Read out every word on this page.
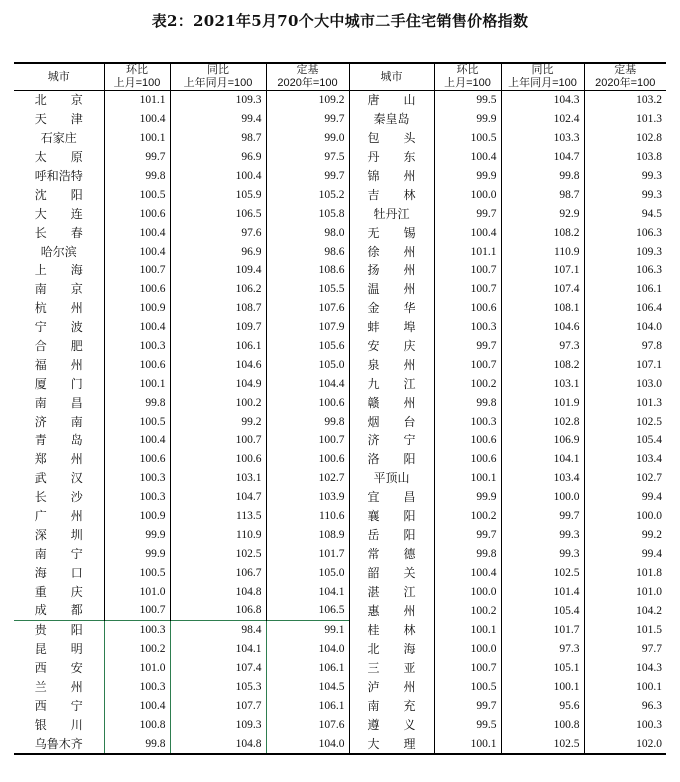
表2：2021年5月70个大中城市二手住宅销售价格指数
城市	环比	同比	定基	城市	环比	同比	定基
	上月=100	上年同月=100	2020年=100		上月=100	上年同月=100	2020年=100
北　　京	101.1	109.3	109.2	唐　　山	99.5	104.3	103.2
天　　津	100.4	99.4	99.7	秦皇岛	99.9	102.4	101.3
石家庄	100.1	98.7	99.0	包　　头	100.5	103.3	102.8
太　　原	99.7	96.9	97.5	丹　　东	100.4	104.7	103.8
呼和浩特	99.8	100.4	99.7	锦　　州	99.9	99.8	99.3
沈　　阳	100.5	105.9	105.2	吉　　林	100.0	98.7	99.3
大　　连	100.6	106.5	105.8	牡丹江	99.7	92.9	94.5
长　　春	100.4	97.6	98.0	无　　锡	100.4	108.2	106.3
哈尔滨	100.4	96.9	98.6	徐　　州	101.1	110.9	109.3
上　　海	100.7	109.4	108.6	扬　　州	100.7	107.1	106.3
南　　京	100.6	106.2	105.5	温　　州	100.7	107.4	106.1
杭　　州	100.9	108.7	107.6	金　　华	100.6	108.1	106.4
宁　　波	100.4	109.7	107.9	蚌　　埠	100.3	104.6	104.0
合　　肥	100.3	106.1	105.6	安　　庆	99.7	97.3	97.8
福　　州	100.6	104.6	105.0	泉　　州	100.7	108.2	107.1
厦　　门	100.1	104.9	104.4	九　　江	100.2	103.1	103.0
南　　昌	99.8	100.2	100.6	赣　　州	99.8	101.9	101.3
济　　南	100.5	99.2	99.8	烟　　台	100.3	102.8	102.5
青　　岛	100.4	100.7	100.7	济　　宁	100.6	106.9	105.4
郑　　州	100.6	100.6	100.6	洛　　阳	100.6	104.1	103.4
武　　汉	100.3	103.1	102.7	平顶山	100.1	103.4	102.7
长　　沙	100.3	104.7	103.9	宜　　昌	99.9	100.0	99.4
广　　州	100.9	113.5	110.6	襄　　阳	100.2	99.7	100.0
深　　圳	99.9	110.9	108.9	岳　　阳	99.7	99.3	99.2
南　　宁	99.9	102.5	101.7	常　　德	99.8	99.3	99.4
海　　口	100.5	106.7	105.0	韶　　关	100.4	102.5	101.8
重　　庆	101.0	104.8	104.1	湛　　江	100.0	101.4	101.0
成　　都	100.7	106.8	106.5	惠　　州	100.2	105.4	104.2
贵　　阳	100.3	98.4	99.1	桂　　林	100.1	101.7	101.5
昆　　明	100.2	104.1	104.0	北　　海	100.0	97.3	97.7
西　　安	101.0	107.4	106.1	三　　亚	100.7	105.1	104.3
兰　　州	100.3	105.3	104.5	泸　　州	100.5	100.1	100.1
西　　宁	100.4	107.7	106.1	南　　充	99.7	95.6	96.3
银　　川	100.8	109.3	107.6	遵　　义	99.5	100.8	100.3
乌鲁木齐	99.8	104.8	104.0	大　　理	100.1	102.5	102.0
